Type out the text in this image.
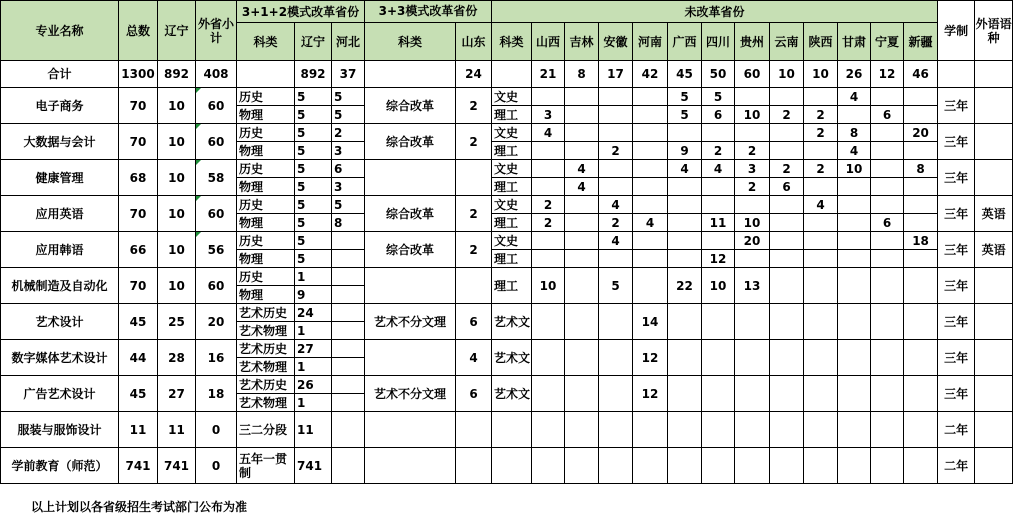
专业名称	总数	辽宁	外省小计	3+1+2模式改革省份			3+3模式改革省份		未改革省份													学制	外语语种
				科类	辽宁	河北	科类	山东	科类	山西	吉林	安徽	河南	广西	四川	贵州	云南	陕西	甘肃	宁夏	新疆		
合计	1300	892	408		892	37		24		21	8	17	42	45	50	60	10	10	26	12	46		
电子商务	70	10	60	历史	5	5	综合改革	2	文史					5	5				4			三年	
				物理	5	5			理工	3				5	6	10	2	2		6			
大数据与会计	70	10	60	历史	5	2	综合改革	2	文史	4								2	8		20	三年	
				物理	5	3			理工			2		9	2	2			4				
健康管理	68	10	58	历史	5	6			文史		4			4	4	3	2	2	10		8	三年	
				物理	5	3			理工		4					2	6						
应用英语	70	10	60	历史	5	5	综合改革	2	文史	2		4						4				三年	英语
				物理	5	8			理工	2		2	4		11	10				6			
应用韩语	66	10	56	历史	5		综合改革	2	文史			4				20					18	三年	英语
				物理	5				理工						12								
机械制造及自动化	70	10	60	历史	1				理工	10		5		22	10	13						三年	
				物理	9																		
艺术设计	45	25	20	艺术历史	24		艺术不分文理	6	艺术文				14									三年	
				艺术物理	1																		
数字媒体艺术设计	44	28	16	艺术历史	27			4	艺术文				12									三年	
				艺术物理	1																		
广告艺术设计	45	27	18	艺术历史	26		艺术不分文理	6	艺术文				12									三年	
				艺术物理	1																		
服装与服饰设计	11	11	0	三二分段	11																	二年	

学前教育（师范）	741	741	0	五年一贯制	741																	二年	

以上计划以各省级招生考试部门公布为准
